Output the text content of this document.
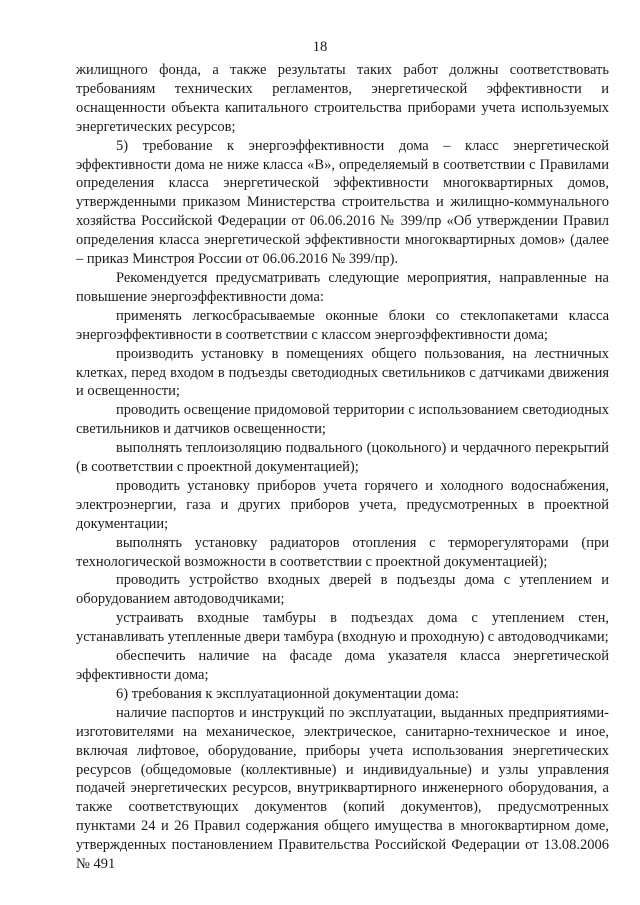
18

жилищного фонда, а также результаты таких работ должны соответствовать требованиям технических регламентов, энергетической эффективности и оснащенности объекта капитального строительства приборами учета используемых энергетических ресурсов;

5) требование к энергоэффективности дома – класс энергетической эффективности дома не ниже класса «B», определяемый в соответствии с Правилами определения класса энергетической эффективности многоквартирных домов, утвержденными приказом Министерства строительства и жилищно-коммунального хозяйства Российской Федерации от 06.06.2016 № 399/пр «Об утверждении Правил определения класса энергетической эффективности многоквартирных домов» (далее – приказ Минстроя России от 06.06.2016 № 399/пр).

Рекомендуется предусматривать следующие мероприятия, направленные на повышение энергоэффективности дома:

применять легкосбрасываемые оконные блоки со стеклопакетами класса энергоэффективности в соответствии с классом энергоэффективности дома;

производить установку в помещениях общего пользования, на лестничных клетках, перед входом в подъезды светодиодных светильников с датчиками движения и освещенности;

проводить освещение придомовой территории с использованием светодиодных светильников и датчиков освещенности;

выполнять теплоизоляцию подвального (цокольного) и чердачного перекрытий (в соответствии с проектной документацией);

проводить установку приборов учета горячего и холодного водоснабжения, электроэнергии, газа и других приборов учета, предусмотренных в проектной документации;

выполнять установку радиаторов отопления с терморегуляторами (при технологической возможности в соответствии с проектной документацией);

проводить устройство входных дверей в подъезды дома с утеплением и оборудованием автодоводчиками;

устраивать входные тамбуры в подъездах дома с утеплением стен, устанавливать утепленные двери тамбура (входную и проходную) с автодоводчиками;

обеспечить наличие на фасаде дома указателя класса энергетической эффективности дома;

6) требования к эксплуатационной документации дома:

наличие паспортов и инструкций по эксплуатации, выданных предприятиями-изготовителями на механическое, электрическое, санитарно-техническое и иное, включая лифтовое, оборудование, приборы учета использования энергетических ресурсов (общедомовые (коллективные) и индивидуальные) и узлы управления подачей энергетических ресурсов, внутриквартирного инженерного оборудования, а также соответствующих документов (копий документов), предусмотренных пунктами 24 и 26 Правил содержания общего имущества в многоквартирном доме, утвержденных постановлением Правительства Российской Федерации от 13.08.2006 № 491
